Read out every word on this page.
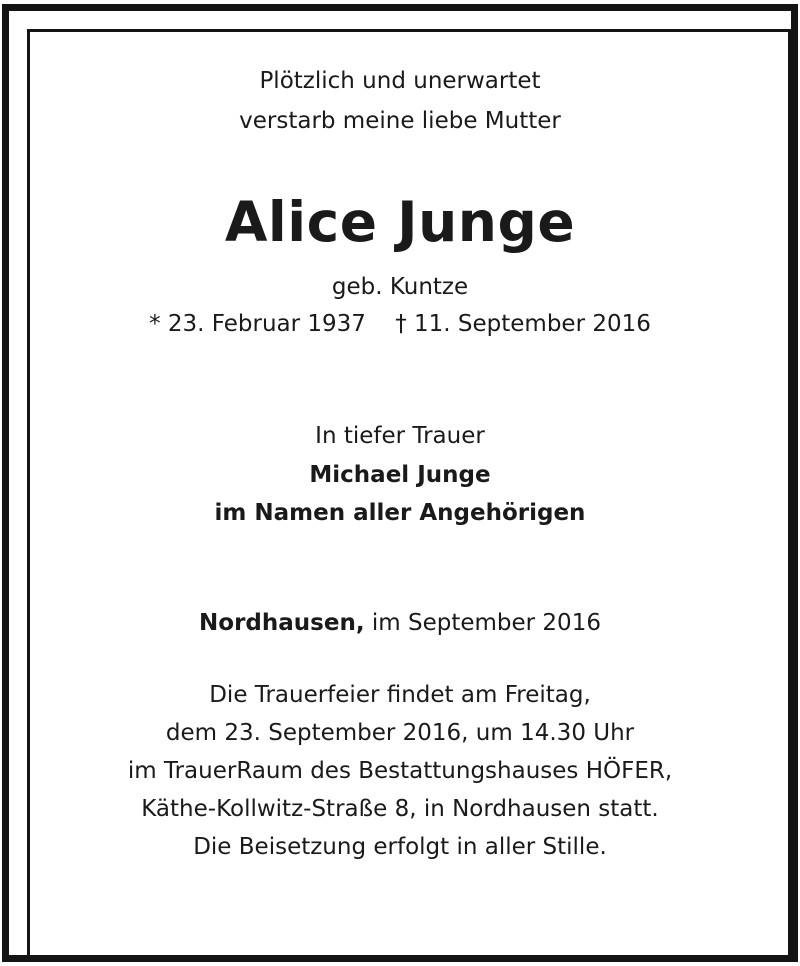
Plötzlich und unerwartet
verstarb meine liebe Mutter
Alice Junge
geb. Kuntze
* 23. Februar 1937 † 11. September 2016
In tiefer Trauer
Michael Junge
im Namen aller Angehörigen
Nordhausen, im September 2016
Die Trauerfeier findet am Freitag,
dem 23. September 2016, um 14.30 Uhr
im TrauerRaum des Bestattungshauses HÖFER,
Käthe-Kollwitz-Straße 8, in Nordhausen statt.
Die Beisetzung erfolgt in aller Stille.
